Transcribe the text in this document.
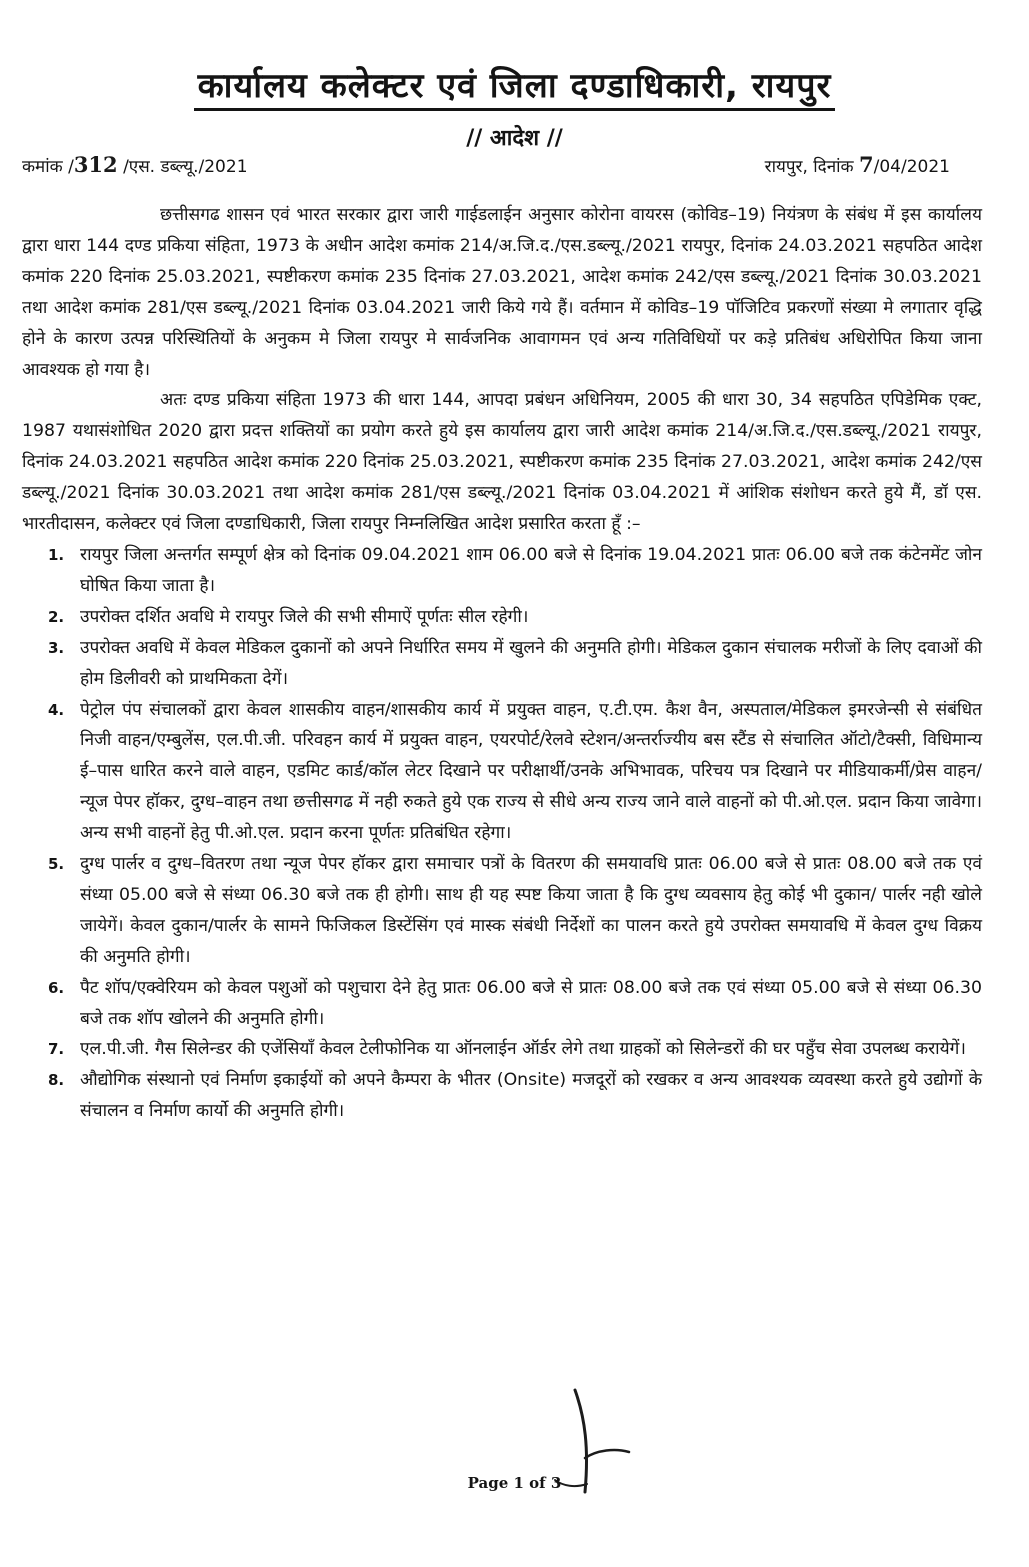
कार्यालय कलेक्टर एवं जिला दण्डाधिकारी, रायपुर
// आदेश //
कमांक /312 /एस. डब्ल्यू./2021	रायपुर, दिनांक 7/04/2021

छत्तीसगढ शासन एवं भारत सरकार द्वारा जारी गाईडलाईन अनुसार कोरोना वायरस (कोविड–19) नियंत्रण के संबंध में इस कार्यालय द्वारा धारा 144 दण्ड प्रकिया संहिता, 1973 के अधीन आदेश कमांक 214/अ.जि.द./एस.डब्ल्यू./2021 रायपुर, दिनांक 24.03.2021 सहपठित आदेश कमांक 220 दिनांक 25.03.2021, स्पष्टीकरण कमांक 235 दिनांक 27.03.2021, आदेश कमांक 242/एस डब्ल्यू./2021 दिनांक 30.03.2021 तथा आदेश कमांक 281/एस डब्ल्यू./2021 दिनांक 03.04.2021 जारी किये गये हैं। वर्तमान में कोविड–19 पॉजिटिव प्रकरणों संख्या मे लगातार वृद्धि होने के कारण उत्पन्न परिस्थितियों के अनुकम मे जिला रायपुर मे सार्वजनिक आवागमन एवं अन्य गतिविधियों पर कड़े प्रतिबंध अधिरोपित किया जाना आवश्यक हो गया है।

अतः दण्ड प्रकिया संहिता 1973 की धारा 144, आपदा प्रबंधन अधिनियम, 2005 की धारा 30, 34 सहपठित एपिडेमिक एक्ट, 1987 यथासंशोधित 2020 द्वारा प्रदत्त शक्तियों का प्रयोग करते हुये इस कार्यालय द्वारा जारी आदेश कमांक 214/अ.जि.द./एस.डब्ल्यू./2021 रायपुर, दिनांक 24.03.2021 सहपठित आदेश कमांक 220 दिनांक 25.03.2021, स्पष्टीकरण कमांक 235 दिनांक 27.03.2021, आदेश कमांक 242/एस डब्ल्यू./2021 दिनांक 30.03.2021 तथा आदेश कमांक 281/एस डब्ल्यू./2021 दिनांक 03.04.2021 में आंशिक संशोधन करते हुये मैं, डॉ एस. भारतीदासन, कलेक्टर एवं जिला दण्डाधिकारी, जिला रायपुर निम्नलिखित आदेश प्रसारित करता हूँ :–

1. रायपुर जिला अन्तर्गत सम्पूर्ण क्षेत्र को दिनांक 09.04.2021 शाम 06.00 बजे से दिनांक 19.04.2021 प्रातः 06.00 बजे तक कंटेनमेंट जोन घोषित किया जाता है।
2. उपरोक्त दर्शित अवधि मे रायपुर जिले की सभी सीमाऐं पूर्णतः सील रहेगी।
3. उपरोक्त अवधि में केवल मेडिकल दुकानों को अपने निर्धारित समय में खुलने की अनुमति होगी। मेडिकल दुकान संचालक मरीजों के लिए दवाओं की होम डिलीवरी को प्राथमिकता देगें।
4. पेट्रोल पंप संचालकों द्वारा केवल शासकीय वाहन/शासकीय कार्य में प्रयुक्त वाहन, ए.टी.एम. कैश वैन, अस्पताल/मेडिकल इमरजेन्सी से संबंधित निजी वाहन/एम्बुलेंस, एल.पी.जी. परिवहन कार्य में प्रयुक्त वाहन, एयरपोर्ट/रेलवे स्टेशन/अन्तर्राज्यीय बस स्टैंड से संचालित ऑटो/टैक्सी, विधिमान्य ई–पास धारित करने वाले वाहन, एडमिट कार्ड/कॉल लेटर दिखाने पर परीक्षार्थी/उनके अभिभावक, परिचय पत्र दिखाने पर मीडियाकर्मी/प्रेस वाहन/न्यूज पेपर हॉकर, दुग्ध–वाहन तथा छत्तीसगढ में नही रुकते हुये एक राज्य से सीधे अन्य राज्य जाने वाले वाहनों को पी.ओ.एल. प्रदान किया जावेगा। अन्य सभी वाहनों हेतु पी.ओ.एल. प्रदान करना पूर्णतः प्रतिबंधित रहेगा।
5. दुग्ध पार्लर व दुग्ध–वितरण तथा न्यूज पेपर हॉकर द्वारा समाचार पत्रों के वितरण की समयावधि प्रातः 06.00 बजे से प्रातः 08.00 बजे तक एवं संध्या 05.00 बजे से संध्या 06.30 बजे तक ही होगी। साथ ही यह स्पष्ट किया जाता है कि दुग्ध व्यवसाय हेतु कोई भी दुकान/ पार्लर नही खोले जायेगें। केवल दुकान/पार्लर के सामने फिजिकल डिस्टेंसिंग एवं मास्क संबंधी निर्देशों का पालन करते हुये उपरोक्त समयावधि में केवल दुग्ध विक्रय की अनुमति होगी।
6. पैट शॉप/एक्वेरियम को केवल पशुओं को पशुचारा देने हेतु प्रातः 06.00 बजे से प्रातः 08.00 बजे तक एवं संध्या 05.00 बजे से संध्या 06.30 बजे तक शॉप खोलने की अनुमति होगी।
7. एल.पी.जी. गैस सिलेन्डर की एजेंसियाँ केवल टेलीफोनिक या ऑनलाईन ऑर्डर लेगे तथा ग्राहकों को सिलेन्डरों की घर पहुँच सेवा उपलब्ध करायेगें।
8. औद्योगिक संस्थानो एवं निर्माण इकाईयों को अपने कैम्परा के भीतर (Onsite) मजदूरों को रखकर व अन्य आवश्यक व्यवस्था करते हुये उद्योगों के संचालन व निर्माण कार्यो की अनुमति होगी।
Page 1 of 3
